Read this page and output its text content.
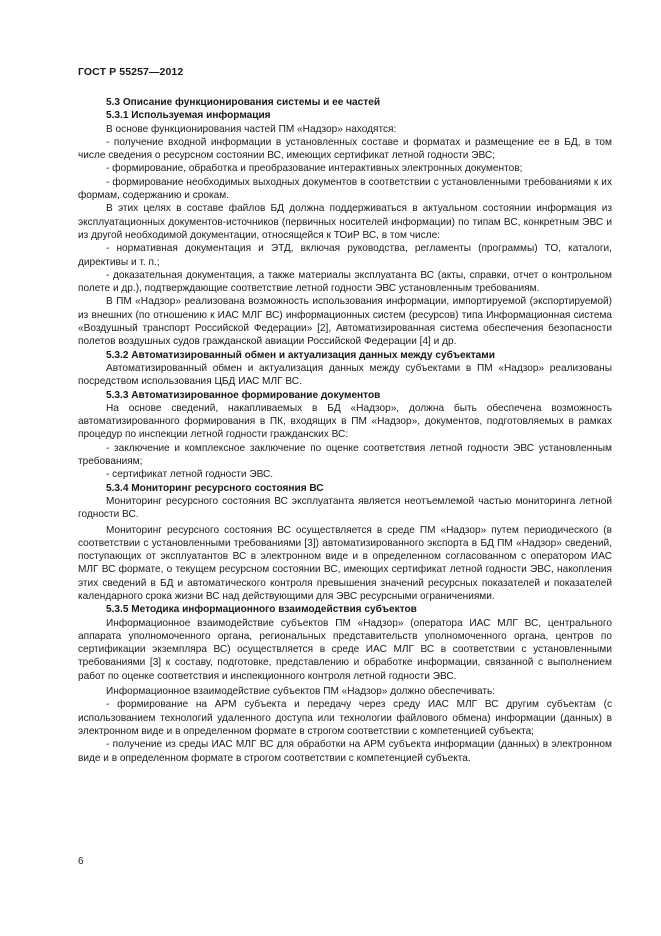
ГОСТ Р 55257—2012

5.3 Описание функционирования системы и ее частей

5.3.1 Используемая информация

В основе функционирования частей ПМ «Надзор» находятся:

- получение входной информации в установленных составе и форматах и размещение ее в БД, в том числе сведения о ресурсном состоянии ВС, имеющих сертификат летной годности ЭВС;

- формирование, обработка и преобразование интерактивных электронных документов;

- формирование необходимых выходных документов в соответствии с установленными требованиями к их формам, содержанию и срокам.

В этих целях в составе файлов БД должна поддерживаться в актуальном состоянии информация из эксплуатационных документов-источников (первичных носителей информации) по типам ВС, конкретным ЭВС и из другой необходимой документации, относящейся к ТОиР ВС, в том числе:

- нормативная документация и ЭТД, включая руководства, регламенты (программы) ТО, каталоги, директивы и т. п.;

- доказательная документация, а также материалы эксплуатанта ВС (акты, справки, отчет о контрольном полете и др.), подтверждающие соответствие летной годности ЭВС установленным требованиям.

В ПМ «Надзор» реализована возможность использования информации, импортируемой (экспортируемой) из внешних (по отношению к ИАС МЛГ ВС) информационных систем (ресурсов) типа Информационная система «Воздушный транспорт Российской Федерации» [2], Автоматизированная система обеспечения безопасности полетов воздушных судов гражданской авиации Российской Федерации [4] и др.

5.3.2 Автоматизированный обмен и актуализация данных между субъектами

Автоматизированный обмен и актуализация данных между субъектами в ПМ «Надзор» реализованы посредством использования ЦБД ИАС МЛГ ВС.

5.3.3 Автоматизированное формирование документов

На основе сведений, накапливаемых в БД «Надзор», должна быть обеспечена возможность автоматизированного формирования в ПК, входящих в ПМ «Надзор», документов, подготовляемых в рамках процедур по инспекции летной годности гражданских ВС:

- заключение и комплексное заключение по оценке соответствия летной годности ЭВС установленным требованиям;

- сертификат летной годности ЭВС.

5.3.4 Мониторинг ресурсного состояния ВС

Мониторинг ресурсного состояния ВС эксплуатанта является неотъемлемой частью мониторинга летной годности ВС.

Мониторинг ресурсного состояния ВС осуществляется в среде ПМ «Надзор» путем периодического (в соответствии с установленными требованиями [3]) автоматизированного экспорта в БД ПМ «Надзор» сведений, поступающих от эксплуатантов ВС в электронном виде и в определенном согласованном с оператором ИАС МЛГ ВС формате, о текущем ресурсном состоянии ВС, имеющих сертификат летной годности ЭВС, накопления этих сведений в БД и автоматического контроля превышения значений ресурсных показателей и показателей календарного срока жизни ВС над действующими для ЭВС ресурсными ограничениями.

5.3.5 Методика информационного взаимодействия субъектов

Информационное взаимодействие субъектов ПМ «Надзор» (оператора ИАС МЛГ ВС, центрального аппарата уполномоченного органа, региональных представительств уполномоченного органа, центров по сертификации экземпляра ВС) осуществляется в среде ИАС МЛГ ВС в соответствии с установленными требованиями [3] к составу, подготовке, представлению и обработке информации, связанной с выполнением работ по оценке соответствия и инспекционного контроля летной годности ЭВС.

Информационное взаимодействие субъектов ПМ «Надзор» должно обеспечивать:

- формирование на АРМ субъекта и передачу через среду ИАС МЛГ ВС другим субъектам (с использованием технологий удаленного доступа или технологии файлового обмена) информации (данных) в электронном виде и в определенном формате в строгом соответствии с компетенцией субъекта;

- получение из среды ИАС МЛГ ВС для обработки на АРМ субъекта информации (данных) в электронном виде и в определенном формате в строгом соответствии с компетенцией субъекта.

6
